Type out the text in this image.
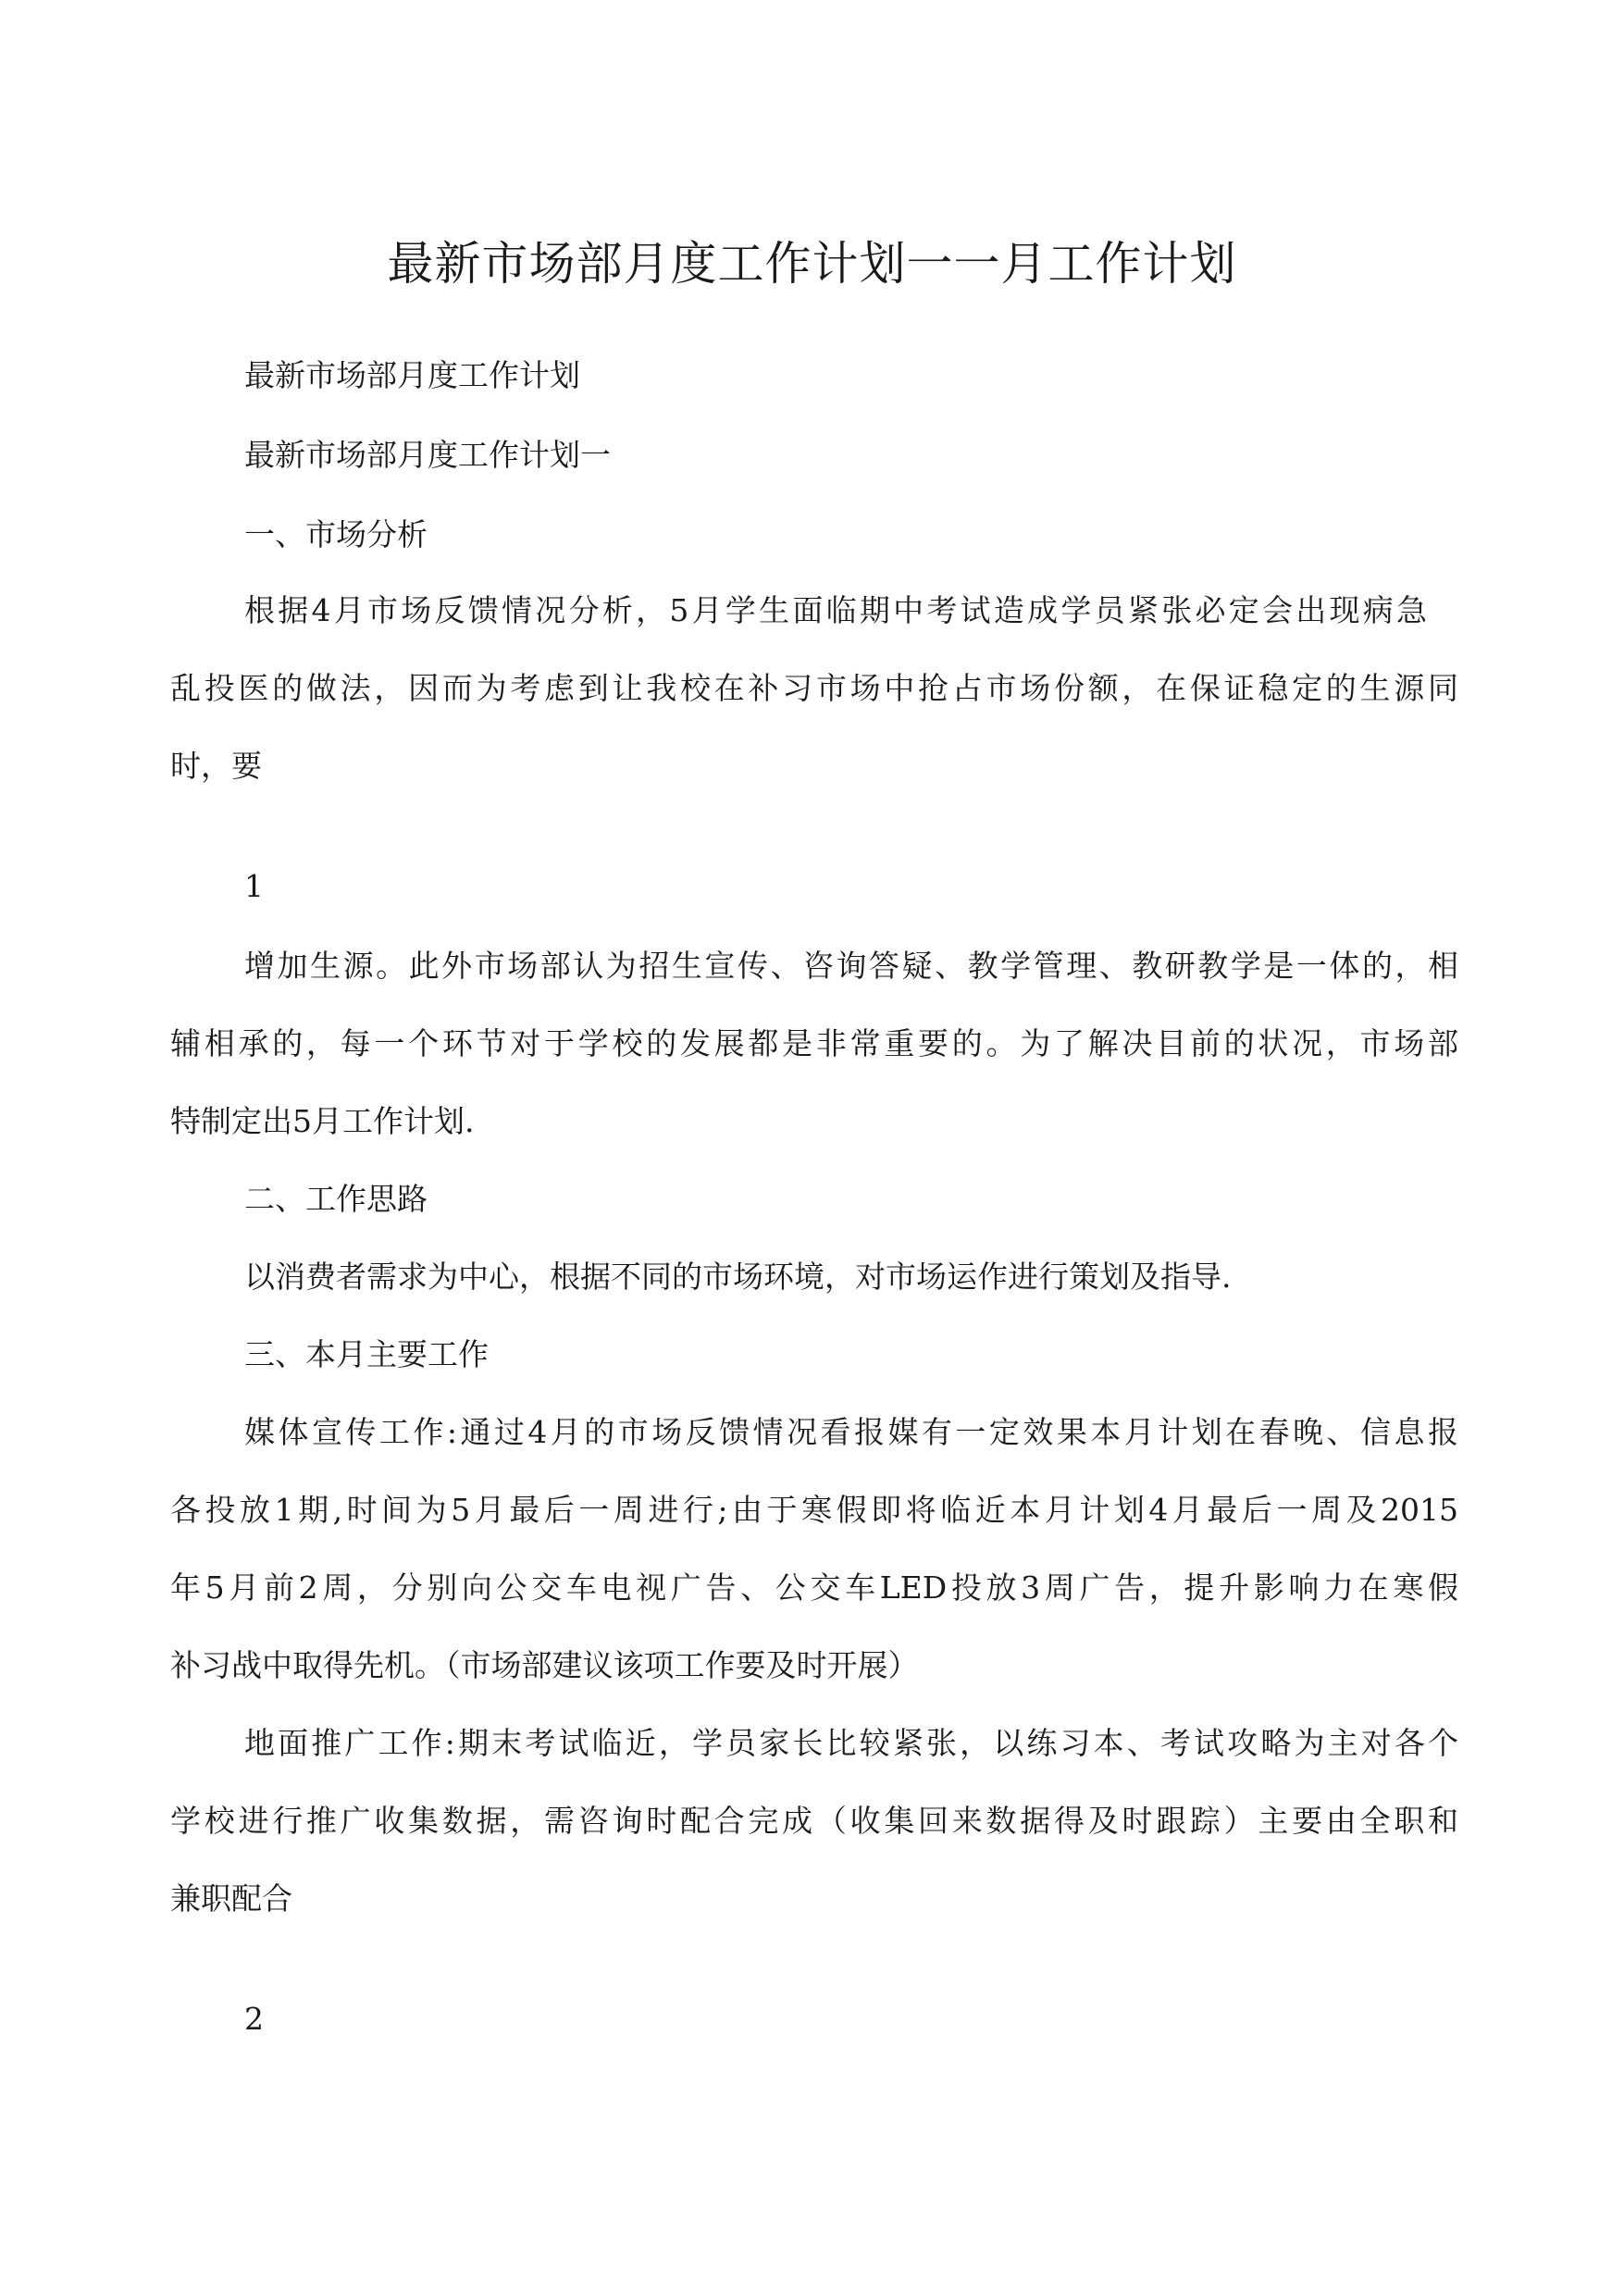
最新市场部月度工作计划一一月工作计划
最新市场部月度工作计划
最新市场部月度工作计划一
一、市场分析
根据4月市场反馈情况分析，5月学生面临期中考试造成学员紧张必定会出现病急
乱投医的做法，因而为考虑到让我校在补习市场中抢占市场份额，在保证稳定的生源同
时，要
1
增加生源。此外市场部认为招生宣传、咨询答疑、教学管理、教研教学是一体的，相
辅相承的，每一个环节对于学校的发展都是非常重要的。为了解决目前的状况，市场部
特制定出5月工作计划.
二、工作思路
以消费者需求为中心，根据不同的市场环境，对市场运作进行策划及指导.
三、本月主要工作
媒体宣传工作:通过4月的市场反馈情况看报媒有一定效果本月计划在春晚、信息报
各投放1期,时间为5月最后一周进行;由于寒假即将临近本月计划4月最后一周及2015
年5月前2周，分别向公交车电视广告、公交车LED投放3周广告，提升影响力在寒假
补习战中取得先机。（市场部建议该项工作要及时开展）
地面推广工作:期末考试临近，学员家长比较紧张，以练习本、考试攻略为主对各个
学校进行推广收集数据，需咨询时配合完成（收集回来数据得及时跟踪）主要由全职和
兼职配合
2
